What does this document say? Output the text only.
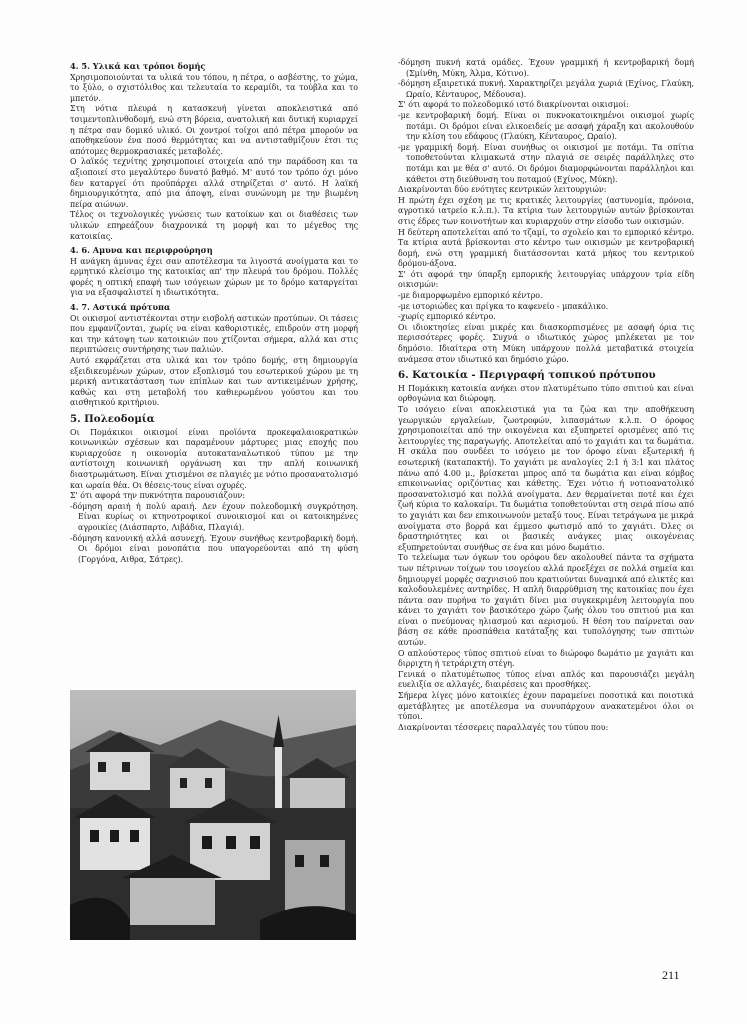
4. 5. Υλικά και τρόποι δομής

Χρησιμοποιούνται τα υλικά του τόπου, η πέτρα, ο ασβέστης, το χώμα, το ξύλο, ο σχιστόλιθος και τελευταία το κεραμίδι, τα τούβλα και το μπετόν.

Στη νότια πλευρά η κατασκευή γίνεται αποκλειστικά από τσιμεντοπλινθοδομή, ενώ στη βόρεια, ανατολική και δυτική κυριαρχεί η πέτρα σαν δομικό υλικό. Οι χοντροί τοίχοι από πέτρα μπορούν να αποθηκεύουν ένα ποσό θερμότητας και να αντισταθμίζουν έτσι τις απότομες θερμοκρασιακές μεταβολές.

Ο λαϊκός τεχνίτης χρησιμοποιεί στοιχεία από την παράδοση και τα αξιοποιεί στο μεγαλύτερο δυνατό βαθμό. Μ' αυτό τον τρόπο όχι μόνο δεν καταργεί ότι προϋπάρχει αλλά στηρίζεται σ' αυτό. Η λαϊκή δημιουργικότητα, από μια άποψη, είναι συνώνυμη με την βιωμένη πείρα αιώνων.

Τέλος οι τεχνολογικές γνώσεις των κατοίκων και οι διαθέσεις των υλικών επηρεάζουν διαχρονικά τη μορφή και το μέγεθος της κατοικίας.

4. 6. Αμυνα και περιφρούρηση

Η ανάγκη άμυνας έχει σαν αποτέλεσμα τα λιγοστά ανοίγματα και το ερμητικό κλείσιμο της κατοικίας απ' την πλευρά του δρόμου. Πολλές φορές η οπτική επαφή των ισόγειων χώρων με το δρόμο καταργείται για να εξασφαλιστεί η ιδιωτικότητα.

4. 7. Αστικά πρότυπα

Οι οικισμοί αντιστέκονται στην εισβολή αστικών προτύπων. Οι τάσεις που εμφανίζονται, χωρίς να είναι καθοριστικές, επιδρούν στη μορφή και την κάτοψη των κατοικιών που χτίζονται σήμερα, αλλά και στις περιπτώσεις συντήρησης των παλιών.

Αυτό εκφράζεται στα υλικά και τον τρόπο δομής, στη δημιουργία εξειδικευμένων χώρων, στον εξοπλισμό του εσωτερικού χώρου με τη μερική αντικατάσταση των επίπλων και των αντικειμένων χρήσης, καθώς και στη μεταβολή του καθιερωμένου γούστου και του αισθητικού κριτήριου.

5. Πολεοδομία

Οι Πομάκικοι οικισμοί είναι προϊόντα προκεφαλαιοκρατικών κοινωνικών σχέσεων και παραμένουν μάρτυρες μιας εποχής που κυριαρχούσε η οικονομία αυτοκαταναλωτικού τύπου με την αντίστοιχη κοινωνική οργάνωση και την απλή κοινωνική διαστρωμάτωση. Είναι χτισμένοι σε πλαγιές με νότιο προσανατολισμό και ωραία θέα. Οι θέσεις-τους είναι οχυρές.

Σ' ότι αφορά την πυκνότητα παρουσιάζουν:

-δόμηση αραιή ή πολύ αραιή. Δεν έχουν πολεοδομική συγκρότηση. Είναι κυρίως οι κτηνοτροφικοί συνοικισμοί και οι κατοικημένες αγροικίες (Διάσπαρτο, Λιβάδια, Πλαγιά).

-δόμηση κανονική αλλά ασυνεχή. Έχουν συνήθως κεντροβαρική δομή. Οι δρόμοι είναι μονοπάτια που υπαγορεύονται από τη φύση (Γοργόνα, Αιθρα, Σάτρες).

-δόμηση πυκνή κατά ομάδες. Έχουν γραμμική ή κεντροβαρική δομή (Σμίνθη, Μύκη, Άλμα, Κότινο).

-δόμηση εξαιρετικά πυκνή. Χαρακτηρίζει μεγάλα χωριά (Εχίνος, Γλαύκη, Ωραίο, Κένταυρος, Μέδουσα).

Σ' ότι αφορά το πολεοδομικό ιστό διακρίνονται οικισμοί:

-με κεντροβαρική δομή. Είναι οι πυκνοκατοικημένοι οικισμοί χωρίς ποτάμι. Οι δρόμοι είναι ελικοειδείς με ασαφή χάραξη και ακολουθούν την κλίση του εδάφους (Γλαύκη, Κένταυρος, Ωραίο).

-με γραμμική δομή. Είναι συνήθως οι οικισμοί με ποτάμι. Τα σπίτια τοποθετούνται κλιμακωτά στην πλαγιά σε σειρές παράλληλες στο ποτάμι και με θέα σ' αυτό. Οι δρόμοι διαμορφώνονται παράλληλοι και κάθετοι στη διεύθυνση του ποταμού (Εχίνος, Μύκη).

Διακρίνονται δύο ενότητες κεντρικών λειτουργιών:

Η πρώτη έχει σχέση με τις κρατικές λειτουργίες (αστυνομία, πρόνοια, αγροτικό ιατρείο κ.λ.π.). Τα κτίρια των λειτουργιών αυτών βρίσκονται στις έδρες των κοινοτήτων και κυριαρχούν στην είσοδο των οικισμών.

Η δεύτερη αποτελείται από το τζαμί, το σχολείο και το εμπορικό κέντρο. Τα κτίρια αυτά βρίσκονται στο κέντρο των οικισμών με κεντροβαρική δομή, ενώ στη γραμμική διατάσσονται κατά μήκος του κεντρικού δρόμου-άξονα.

Σ' ότι αφορά την ύπαρξη εμπορικής λειτουργίας υπάρχουν τρία είδη οικισμών:

-με διαμορφωμένο εμπορικό κέντρο.

-με ιστοριώδες και πρίγκα το καφενείο - μπακάλικο.

-χωρίς εμπορικό κέντρο.

Οι ιδιοκτησίες είναι μικρές και διασκορπισμένες με ασαφή όρια τις περισσότερες φορές. Συχνά ο ιδιωτικός χώρος μπλέκεται με τον δημόσιο. Ιδιαίτερα στη Μύκη υπάρχουν πολλά μεταβατικά στοιχεία ανάμεσα στον ιδιωτικό και δημόσιο χώρο.

6. Κατοικία - Περιγραφή τοπικού πρότυπου

Η Πομάκικη κατοικία ανήκει στον πλατυμέτωπο τύπο σπιτιού και είναι ορθογώνια και διώροφη.

Το ισόγειο είναι αποκλειστικά για τα ζώα και την αποθήκευση γεωργικών εργαλείων, ζωοτροφών, λιπασμάτων κ.λ.π. Ο όροφος χρησιμοποιείται από την οικογένεια και εξυπηρετεί ορισμένες από τις λειτουργίες της παραγωγής. Αποτελείται από το χαγιάτι και τα δωμάτια. Η σκάλα που συνδέει το ισόγειο με τον όροφο είναι εξωτερική ή εσωτερική (καταπακτή). Το χαγιάτι με αναλογίες 2:1 ή 3:1 και πλάτος πάνω από 4.00 μ., βρίσκεται μπρος από τα δωμάτια και είναι κόμβος επικοινωνίας οριζόντιας και κάθετης. Έχει νότιο ή νοτιοανατολικό προσανατολισμό και πολλά ανοίγματα. Δεν θερμαίνεται ποτέ και έχει ζωή κύρια το καλοκαίρι. Τα δωμάτια τοποθετούνται στη σειρά πίσω από το χαγιάτι και δεν επικοινωνούν μεταξύ τους. Είναι τετράγωνα με μικρά ανοίγματα στο βορρά και έμμεσο φωτισμό από το χαγιάτι. Όλες οι δραστηριότητες και οι βασικές ανάγκες μιας οικογένειας εξυπηρετούνται συνήθως σε ένα και μόνο δωμάτιο.

Το τελείωμα των όγκων του ορόφου δεν ακολουθεί πάντα τα σχήματα των πέτρινων τοίχων του ισογείου αλλά προεξέχει σε πολλά σημεία και δημιουργεί μορφές σαχνισιού που κρατιούνται δυναμικά από ελικτές και καλοδουλεμένες αντηρίδες. Η απλή διαρρύθμιση της κατοικίας που έχει πάντα σαν πυρήνα το χαγιάτι δίνει μια συγκεκριμένη λειτουργία που κάνει το χαγιάτι τον βασικότερο χώρο ζωής όλου του σπιτιού μια και είναι ο πνεύμονας ηλιασμού και αερισμού. Η θέση του παίρνεται σαν βάση σε κάθε προσπάθεια κατάταξης και τυπολόγησης των σπιτιών αυτών.

Ο απλούστερος τύπος σπιτιού είναι το διώροφο δωμάτιο με χαγιάτι και διρριχτη ή τετράριχτη στέγη.

Γενικά ο πλατυμέτωπος τύπος είναι απλός και παρουσιάζει μεγάλη ευελιξία σε αλλαγές, διαιρέσεις και προσθήκες.

Σήμερα λίγες μόνο κατοικίες έχουν παραμείνει ποσοτικά και ποιοτικά αμετάβλητες με αποτέλεσμα να συνυπάρχουν ανακατεμένοι όλοι οι τύποι.

Διακρίνονται τέσσερεις παραλλαγές του τύπου που:

211
